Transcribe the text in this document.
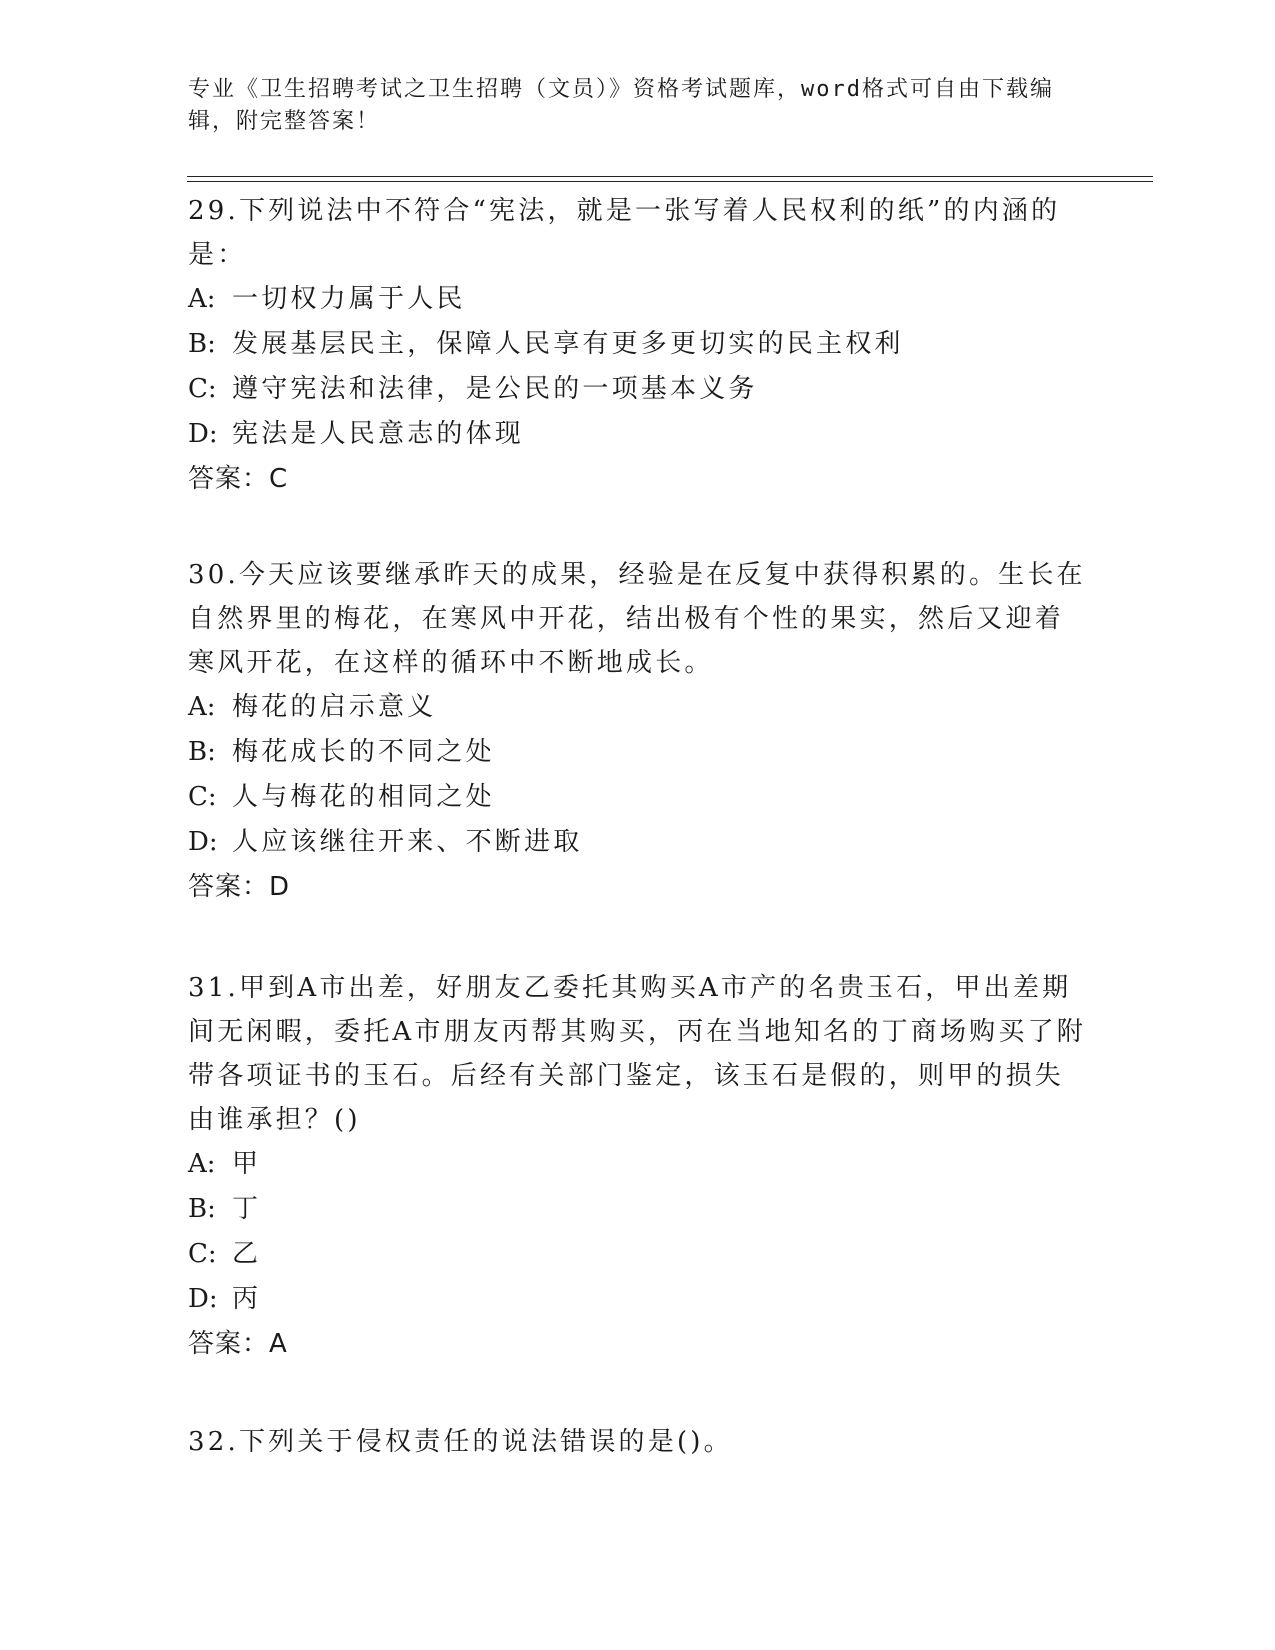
专业《卫生招聘考试之卫生招聘（文员）》资格考试题库，word格式可自由下载编辑，附完整答案！

29.下列说法中不符合“宪法，就是一张写着人民权利的纸”的内涵的是：

A: 一切权力属于人民

B: 发展基层民主，保障人民享有更多更切实的民主权利

C: 遵守宪法和法律，是公民的一项基本义务

D: 宪法是人民意志的体现

答案：C

30.今天应该要继承昨天的成果，经验是在反复中获得积累的。生长在自然界里的梅花，在寒风中开花，结出极有个性的果实，然后又迎着寒风开花，在这样的循环中不断地成长。

A: 梅花的启示意义

B: 梅花成长的不同之处

C: 人与梅花的相同之处

D: 人应该继往开来、不断进取

答案：D

31.甲到A市出差，好朋友乙委托其购买A市产的名贵玉石，甲出差期间无闲暇，委托A市朋友丙帮其购买，丙在当地知名的丁商场购买了附带各项证书的玉石。后经有关部门鉴定，该玉石是假的，则甲的损失由谁承担？()

A: 甲

B: 丁

C: 乙

D: 丙

答案：A

32.下列关于侵权责任的说法错误的是()。
